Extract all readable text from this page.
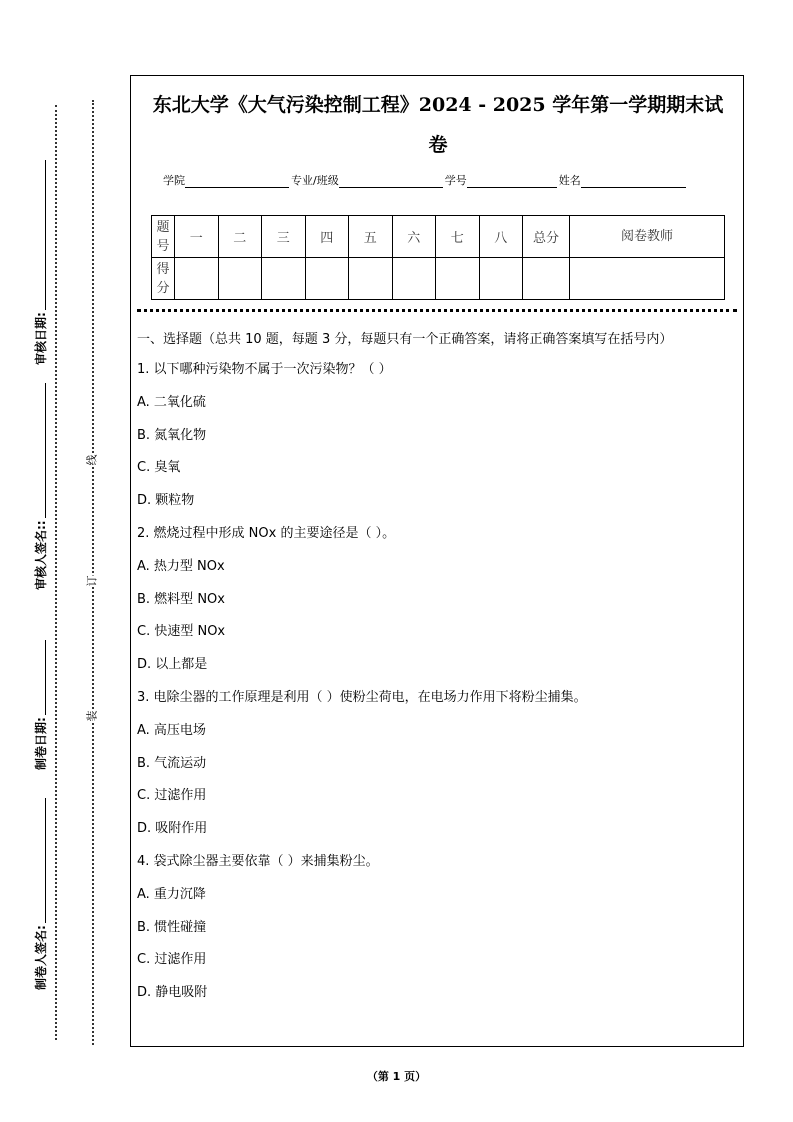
线
订
装
审核日期:
审核人签名::
制卷日期:
制卷人签名:
东北大学《大气污染控制工程》2024 - 2025 学年第一学期期末试
卷
学院	专业/班级	学号	姓名
题号	一	二	三	四	五	六	七	八	总分	阅卷教师
得分										
一、选择题（总共 10 题，每题 3 分，每题只有一个正确答案，请将正确答案填写在括号内）
1. 以下哪种污染物不属于一次污染物？（ ）
A. 二氧化硫
B. 氮氧化物
C. 臭氧
D. 颗粒物
2. 燃烧过程中形成 NOx 的主要途径是（ ）。
A. 热力型 NOx
B. 燃料型 NOx
C. 快速型 NOx
D. 以上都是
3. 电除尘器的工作原理是利用（ ）使粉尘荷电，在电场力作用下将粉尘捕集。
A. 高压电场
B. 气流运动
C. 过滤作用
D. 吸附作用
4. 袋式除尘器主要依靠（ ）来捕集粉尘。
A. 重力沉降
B. 惯性碰撞
C. 过滤作用
D. 静电吸附
（第 1 页）
